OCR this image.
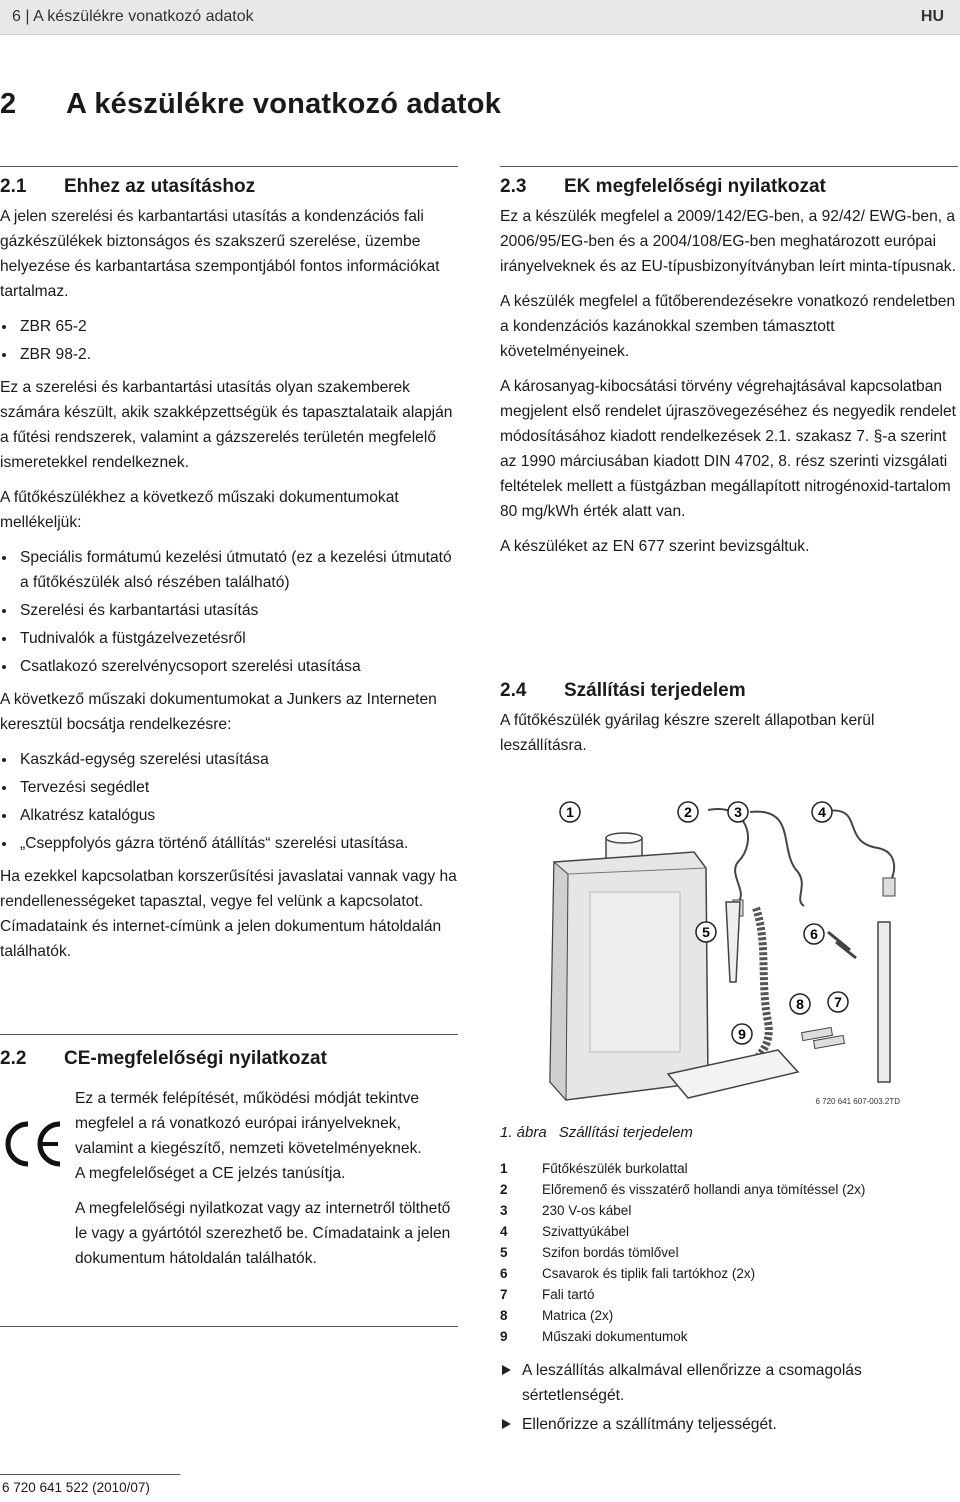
6 | A készülékre vonatkozó adatok	HU
2 A készülékre vonatkozó adatok
2.1 Ehhez az utasításhoz

A jelen szerelési és karbantartási utasítás a kondenzációs fali gázkészülékek biztonságos és szakszerű szerelése, üzembe helyezése és karbantartása szempontjából fontos információkat tartalmaz.

ZBR 65-2
ZBR 98-2.

Ez a szerelési és karbantartási utasítás olyan szakemberek számára készült, akik szakképzettségük és tapasztalataik alapján a fűtési rendszerek, valamint a gázszerelés területén megfelelő ismeretekkel rendelkeznek.

A fűtőkészülékhez a következő műszaki dokumentumokat mellékeljük:

Speciális formátumú kezelési útmutató (ez a kezelési útmutató a fűtőkészülék alsó részében található)
Szerelési és karbantartási utasítás
Tudnivalók a füstgázelvezetésről
Csatlakozó szerelvénycsoport szerelési utasítása

A következő műszaki dokumentumokat a Junkers az Interneten keresztül bocsátja rendelkezésre:

Kaszkád-egység szerelési utasítása
Tervezési segédlet
Alkatrész katalógus
„Cseppfolyós gázra történő átállítás“ szerelési utasítása.

Ha ezekkel kapcsolatban korszerűsítési javaslatai vannak vagy ha rendellenességeket tapasztal, vegye fel velünk a kapcsolatot. Címadataink és internet-címünk a jelen dokumentum hátoldalán találhatók.

2.2 CE-megfelelőségi nyilatkozat

Ez a termék felépítését, működési módját tekintve megfelel a rá vonatkozó európai irányelveknek, valamint a kiegészítő, nemzeti követelményeknek.

A megfelelőséget a CE jelzés tanúsítja.

A megfelelőségi nyilatkozat vagy az internetről tölthető le vagy a gyártótól szerezhető be. Címadataink a jelen dokumentum hátoldalán találhatók.

2.3 EK megfelelőségi nyilatkozat

Ez a készülék megfelel a 2009/142/EG-ben, a 92/42/ EWG-ben, a 2006/95/EG-ben és a 2004/108/EG-ben meghatározott európai irányelveknek és az EU-típusbizonyítványban leírt minta-típusnak.

A készülék megfelel a fűtőberendezésekre vonatkozó rendeletben a kondenzációs kazánokkal szemben támasztott követelményeinek.

A károsanyag-kibocsátási törvény végrehajtásával kapcsolatban megjelent első rendelet újraszövegezéséhez és negyedik rendelet módosításához kiadott rendelkezések 2.1. szakasz 7. §-a szerint az 1990 márciusában kiadott DIN 4702, 8. rész szerinti vizsgálati feltételek mellett a füstgázban megállapított nitrogénoxid-tartalom 80 mg/kWh érték alatt van.

A készüléket az EN 677 szerint bevizsgáltuk.

2.4 Szállítási terjedelem

A fűtőkészülék gyárilag készre szerelt állapotban kerül leszállításra.

1	2	3	4
5	6
7
8
9
6 720 641 607-003.2TD
1. ábra Szállítási terjedelem
1	Fűtőkészülék burkolattal
2	Előremenő és visszatérő hollandi anya tömítéssel (2x)
3	230 V-os kábel
4	Szivattyúkábel
5	Szifon bordás tömlővel
6	Csavarok és tiplik fali tartókhoz (2x)
7	Fali tartó
8	Matrica (2x)
9	Műszaki dokumentumok
A leszállítás alkalmával ellenőrizze a csomagolás sértetlenségét.
Ellenőrizze a szállítmány teljességét.
6 720 641 522 (2010/07)
